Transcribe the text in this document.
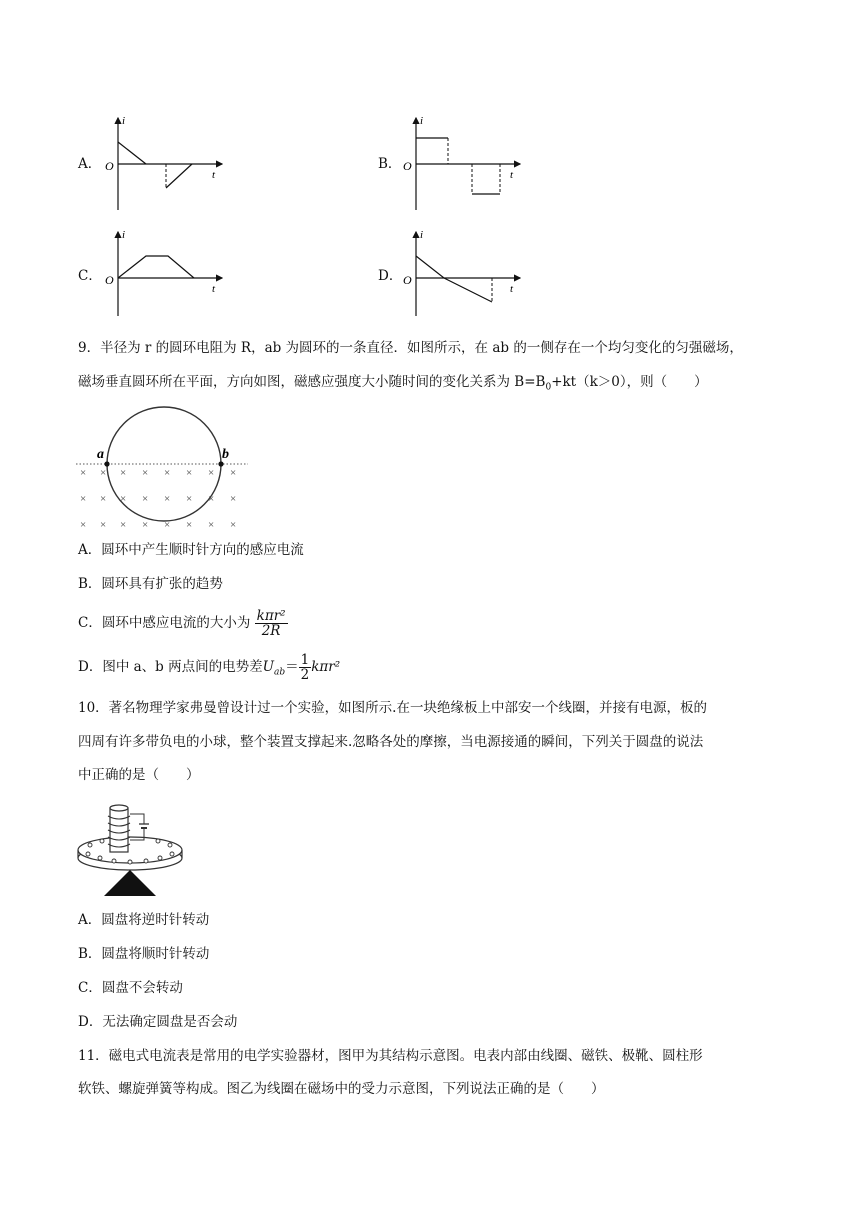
A．
i
t
O	B．
i
t
O
C．
i
t
O	D．
i
t
O
9．半径为 r 的圆环电阻为 R，ab 为圆环的一条直径．如图所示，在 ab 的一侧存在一个均匀变化的匀强磁场，
磁场垂直圆环所在平面，方向如图，磁感应强度大小随时间的变化关系为 $B=B_0+kt(k>0)$，则（　　）
× × × × × × × ×
× × × × × × × ×
× × × × × × × ×
a	b
A．圆环中产生顺时针方向的感应电流
B．圆环具有扩张的趋势
C．圆环中感应电流的大小为 $\frac{\text{kπr²}}{2R}$
D．图中 a、b 两点间的电势差$U_{ab}= \frac{1}{2} k\pi r^2$
10．著名物理学家弗曼曾设计过一个实验，如图所示.在一块绝缘板上中部安一个线圈，并接有电源，板的
四周有许多带负电的小球，整个装置支撑起来.忽略各处的摩擦，当电源接通的瞬间，下列关于圆盘的说法
中正确的是（　　）
A．圆盘将逆时针转动
B．圆盘将顺时针转动
C．圆盘不会转动
D．无法确定圆盘是否会动
11．磁电式电流表是常用的电学实验器材，图甲为其结构示意图。电表内部由线圈、磁铁、极靴、圆柱形
软铁、螺旋弹簧等构成。图乙为线圈在磁场中的受力示意图，下列说法正确的是（　　）
